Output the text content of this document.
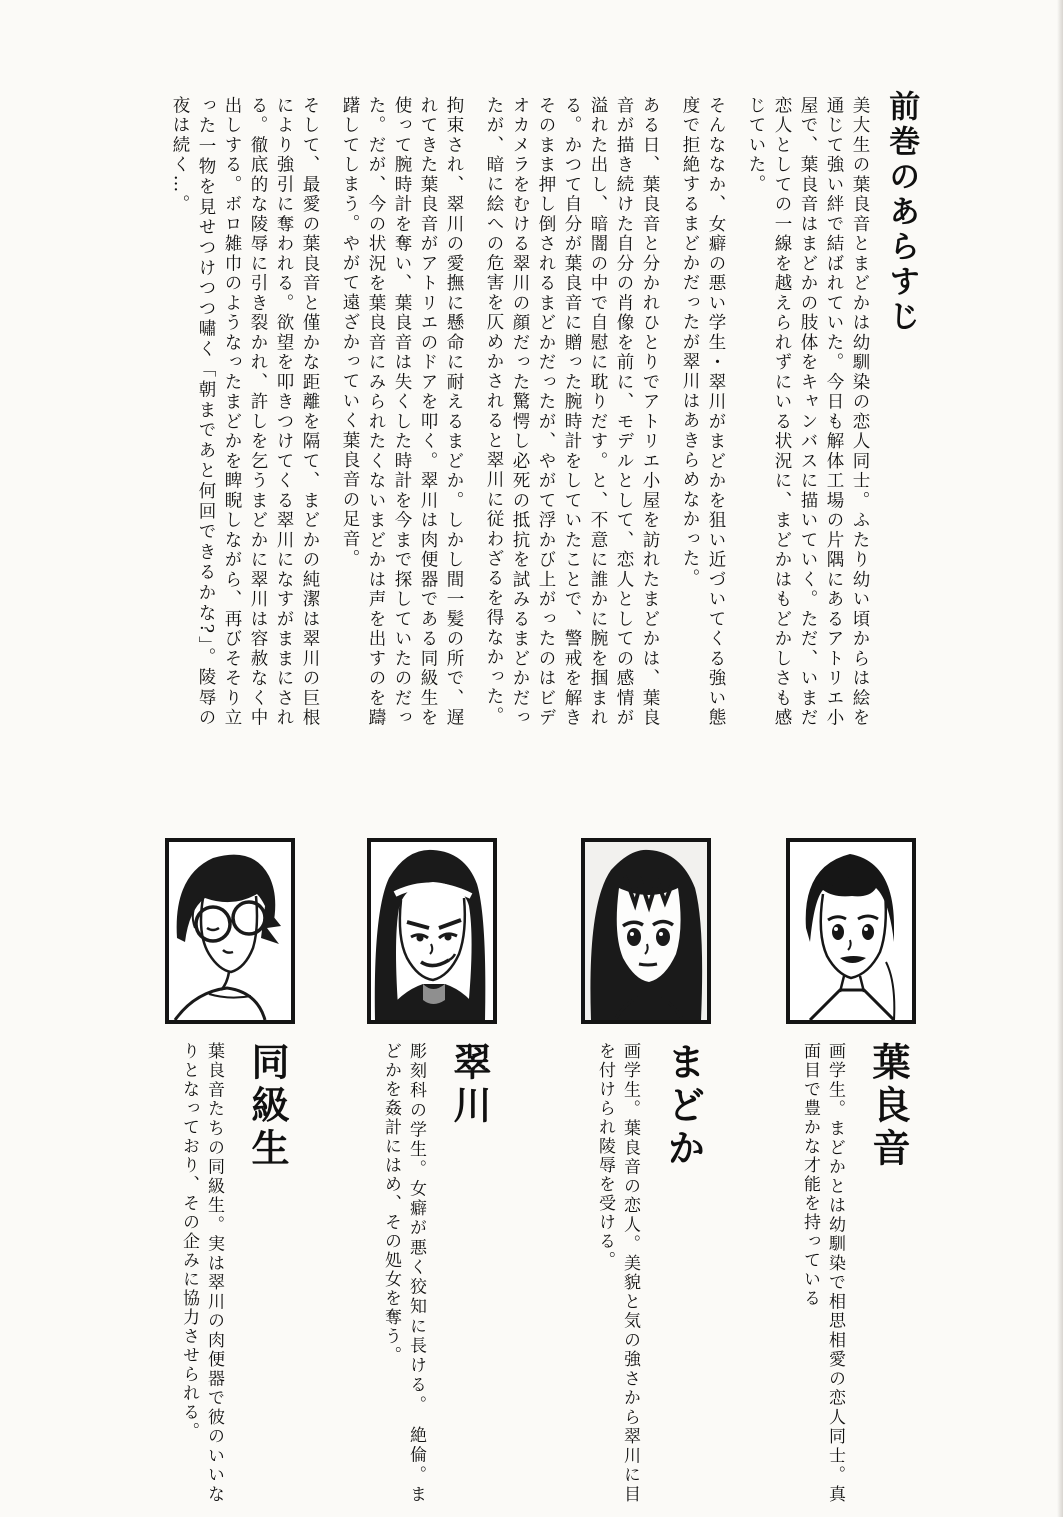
前巻のあらすじ

美大生の葉良音とまどかは幼馴染の恋人同士。ふたり幼い頃からは絵を通じて強い絆で結ばれていた。今日も解体工場の片隅にあるアトリエ小屋で、葉良音はまどかの肢体をキャンバスに描いていく。ただ、いまだ恋人としての一線を越えられずにいる状況に、まどかはもどかしさも感じていた。

そんななか、女癖の悪い学生・翠川がまどかを狙い近づいてくる強い態度で拒絶するまどかだったが翠川はあきらめなかった。

ある日、葉良音と分かれひとりでアトリエ小屋を訪れたまどかは、葉良音が描き続けた自分の肖像を前に、モデルとして、恋人としての感情が溢れた出し、暗闇の中で自慰に耽りだす。と、不意に誰かに腕を掴まれる。かつて自分が葉良音に贈った腕時計をしていたことで、警戒を解きそのまま押し倒されるまどかだったが、やがて浮かび上がったのはビデオカメラをむける翠川の顔だった驚愕し必死の抵抗を試みるまどかだったが、暗に絵への危害を仄めかされると翠川に従わざるを得なかった。

拘束され、翠川の愛撫に懸命に耐えるまどか。しかし間一髪の所で、遅れてきた葉良音がアトリエのドアを叩く。翠川は肉便器である同級生を使って腕時計を奪い、葉良音は失くした時計を今まで探していたのだった。だが、今の状況を葉良音にみられたくないまどかは声を出すのを躊躇してしまう。やがて遠ざかっていく葉良音の足音。

そして、最愛の葉良音と僅かな距離を隔て、まどかの純潔は翠川の巨根により強引に奪われる。欲望を叩きつけてくる翠川になすがままにされる。徹底的な陵辱に引き裂かれ、許しを乞うまどかに翠川は容赦なく中出しする。ボロ雑巾のようなったまどかを睥睨しながら、再びそそり立った一物を見せつけつつ嘯く「朝まであと何回できるかな?」。陵辱の夜は続く…。

葉良音

画学生。まどかとは幼馴染で相思相愛の恋人同士。真面目で豊かな才能を持っている

まどか

画学生。葉良音の恋人。美貌と気の強さから翠川に目を付けられ陵辱を受ける。

翠川

彫刻科の学生。女癖が悪く狡知に長ける。　絶倫。まどかを姦計にはめ、その処女を奪う。

同級生

葉良音たちの同級生。実は翠川の肉便器で彼のいいなりとなっており、その企みに協力させられる。
